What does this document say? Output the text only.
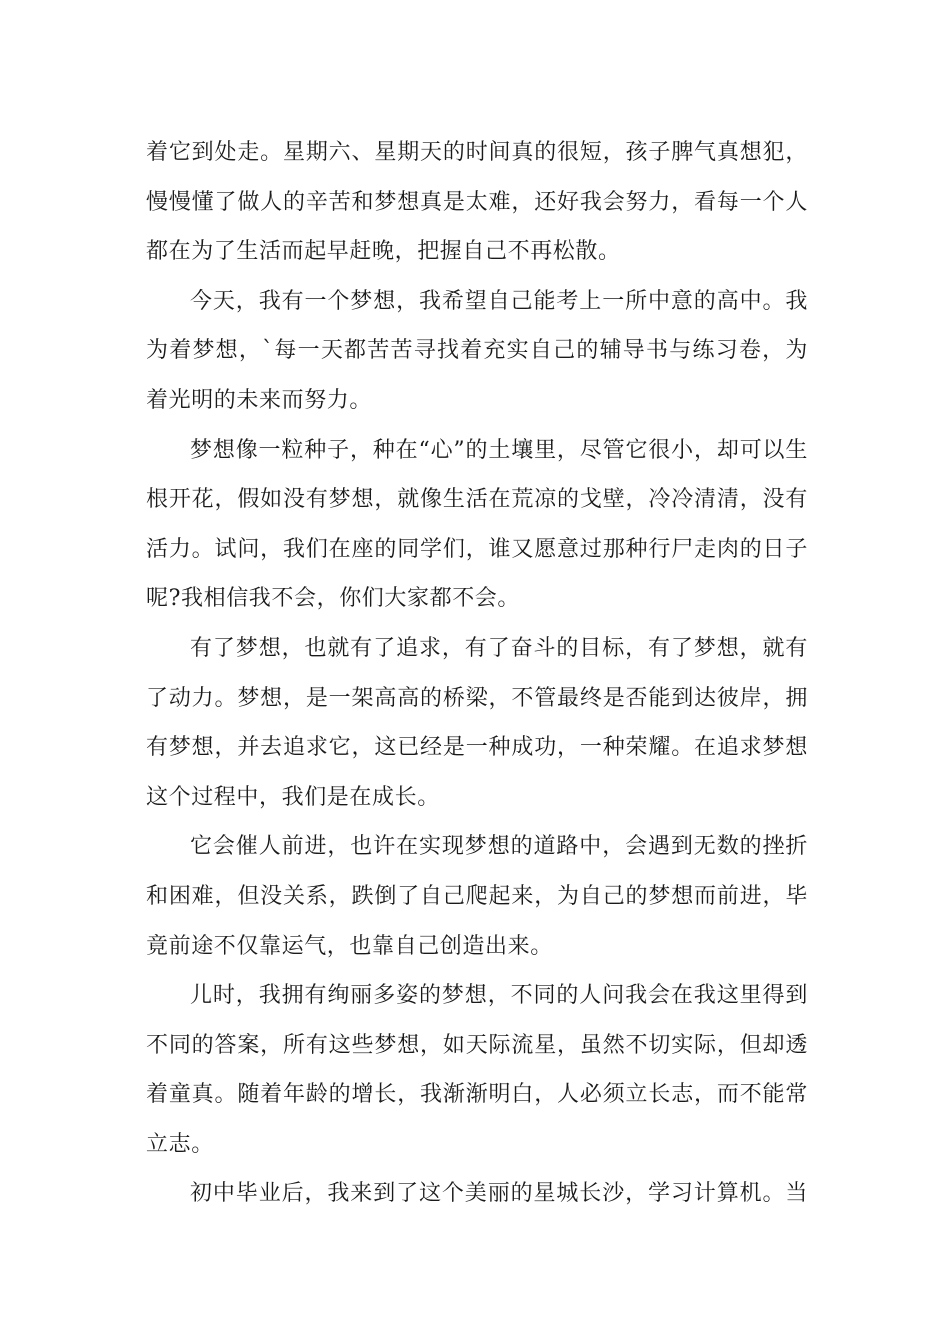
着它到处走。星期六、星期天的时间真的很短，孩子脾气真想犯，慢慢懂了做人的辛苦和梦想真是太难，还好我会努力，看每一个人都在为了生活而起早赶晚，把握自己不再松散。

今天，我有一个梦想，我希望自己能考上一所中意的高中。我为着梦想，`每一天都苦苦寻找着充实自己的辅导书与练习卷，为着光明的未来而努力。

梦想像一粒种子，种在“心”的土壤里，尽管它很小，却可以生根开花，假如没有梦想，就像生活在荒凉的戈壁，冷冷清清，没有活力。试问，我们在座的同学们，谁又愿意过那种行尸走肉的日子呢?我相信我不会，你们大家都不会。

有了梦想，也就有了追求，有了奋斗的目标，有了梦想，就有了动力。梦想，是一架高高的桥梁，不管最终是否能到达彼岸，拥有梦想，并去追求它，这已经是一种成功，一种荣耀。在追求梦想这个过程中，我们是在成长。

它会催人前进，也许在实现梦想的道路中，会遇到无数的挫折和困难，但没关系，跌倒了自己爬起来，为自己的梦想而前进，毕竟前途不仅靠运气，也靠自己创造出来。

儿时，我拥有绚丽多姿的梦想，不同的人问我会在我这里得到不同的答案，所有这些梦想，如天际流星，虽然不切实际，但却透着童真。随着年龄的增长，我渐渐明白，人必须立长志，而不能常立志。

初中毕业后，我来到了这个美丽的星城长沙，学习计算机。当
